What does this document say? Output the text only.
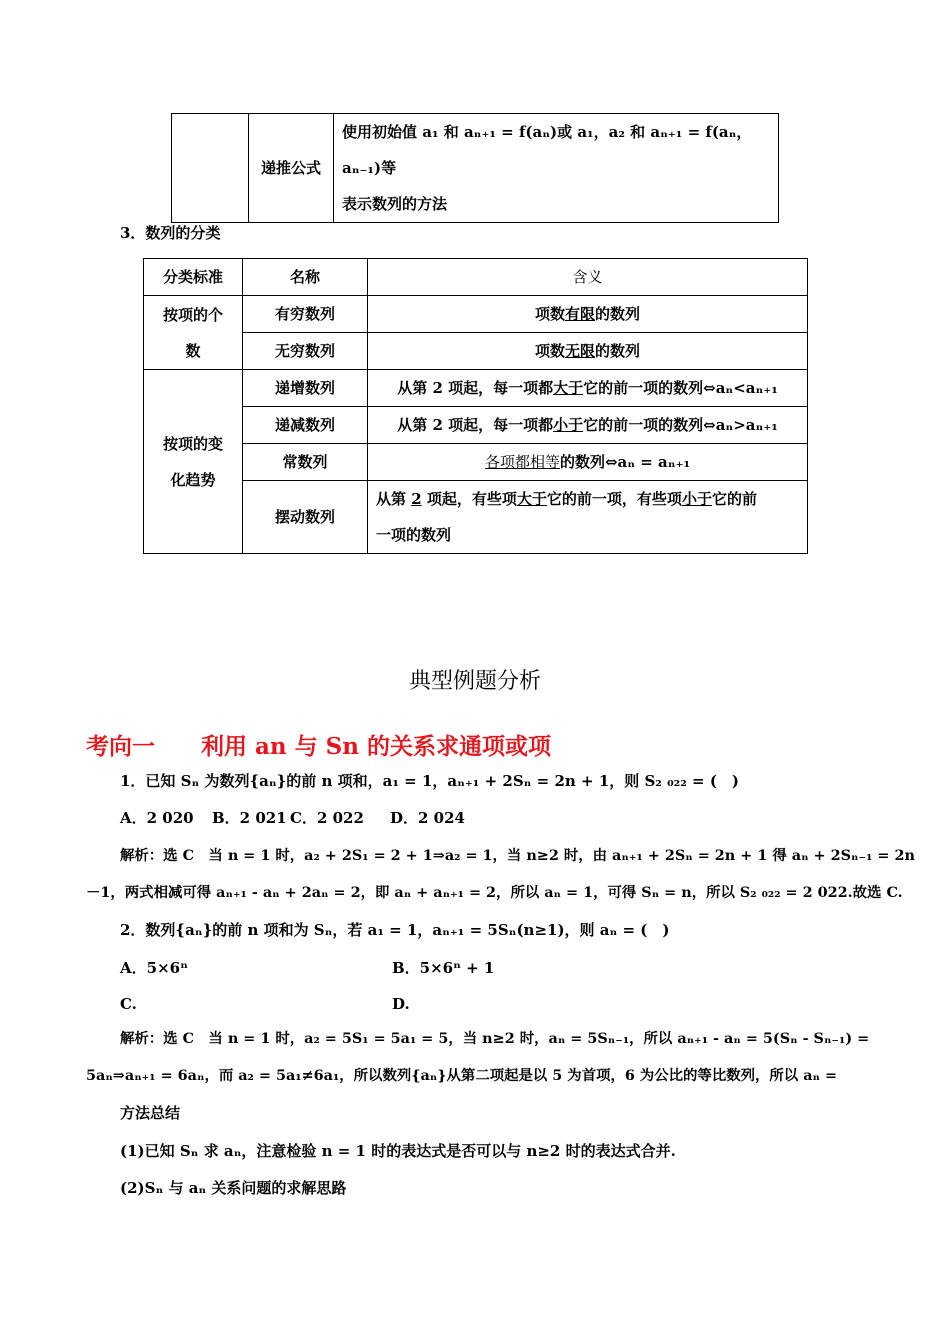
	递推公式	
使用初始值 a₁ 和 aₙ₊₁ = f(aₙ)或 a₁，a₂ 和 aₙ₊₁ = f(aₙ，aₙ₋₁)等
表示数列的方法
3．数列的分类
分类标准	名称	含义

按项的个
数	有穷数列	项数有限的数列
	无穷数列	项数无限的数列

按项的变
化趋势	递增数列	从第 2 项起，每一项都大于它的前一项的数列⇔aₙ<aₙ₊₁
	递减数列	从第 2 项起，每一项都小于它的前一项的数列⇔aₙ>aₙ₊₁
	常数列	各项都相等的数列⇔aₙ = aₙ₊₁
	摆动数列	从第 2 项起，有些项大于它的前一项，有些项小于它的前
一项的数列
典型例题分析
考向一　　利用 an 与 Sn 的关系求通项或项
1．已知 Sₙ 为数列{aₙ}的前 n 项和，a₁ = 1，aₙ₊₁ + 2Sₙ = 2n + 1，则 S₂ ₀₂₂ = (　)
A．2 020 B．2 021 C．2 022 D．2 024
解析：选 C　当 n = 1 时，a₂ + 2S₁ = 2 + 1⇒a₂ = 1，当 n≥2 时，由 aₙ₊₁ + 2Sₙ = 2n + 1 得 aₙ + 2Sₙ₋₁ = 2n
－1，两式相减可得 aₙ₊₁ - aₙ + 2aₙ = 2，即 aₙ + aₙ₊₁ = 2，所以 aₙ = 1，可得 Sₙ = n，所以 S₂ ₀₂₂ = 2 022.故选 C.
2．数列{aₙ}的前 n 项和为 Sₙ，若 a₁ = 1，aₙ₊₁ = 5Sₙ(n≥1)，则 aₙ = (　)
A．5×6ⁿ	B．5×6ⁿ + 1
C.	D.
解析：选 C　当 n = 1 时，a₂ = 5S₁ = 5a₁ = 5，当 n≥2 时，aₙ = 5Sₙ₋₁，所以 aₙ₊₁ - aₙ = 5(Sₙ - Sₙ₋₁) =
5aₙ⇒aₙ₊₁ = 6aₙ，而 a₂ = 5a₁≠6a₁，所以数列{aₙ}从第二项起是以 5 为首项，6 为公比的等比数列，所以 aₙ =
方法总结
(1)已知 Sₙ 求 aₙ，注意检验 n = 1 时的表达式是否可以与 n≥2 时的表达式合并.
(2)Sₙ 与 aₙ 关系问题的求解思路
